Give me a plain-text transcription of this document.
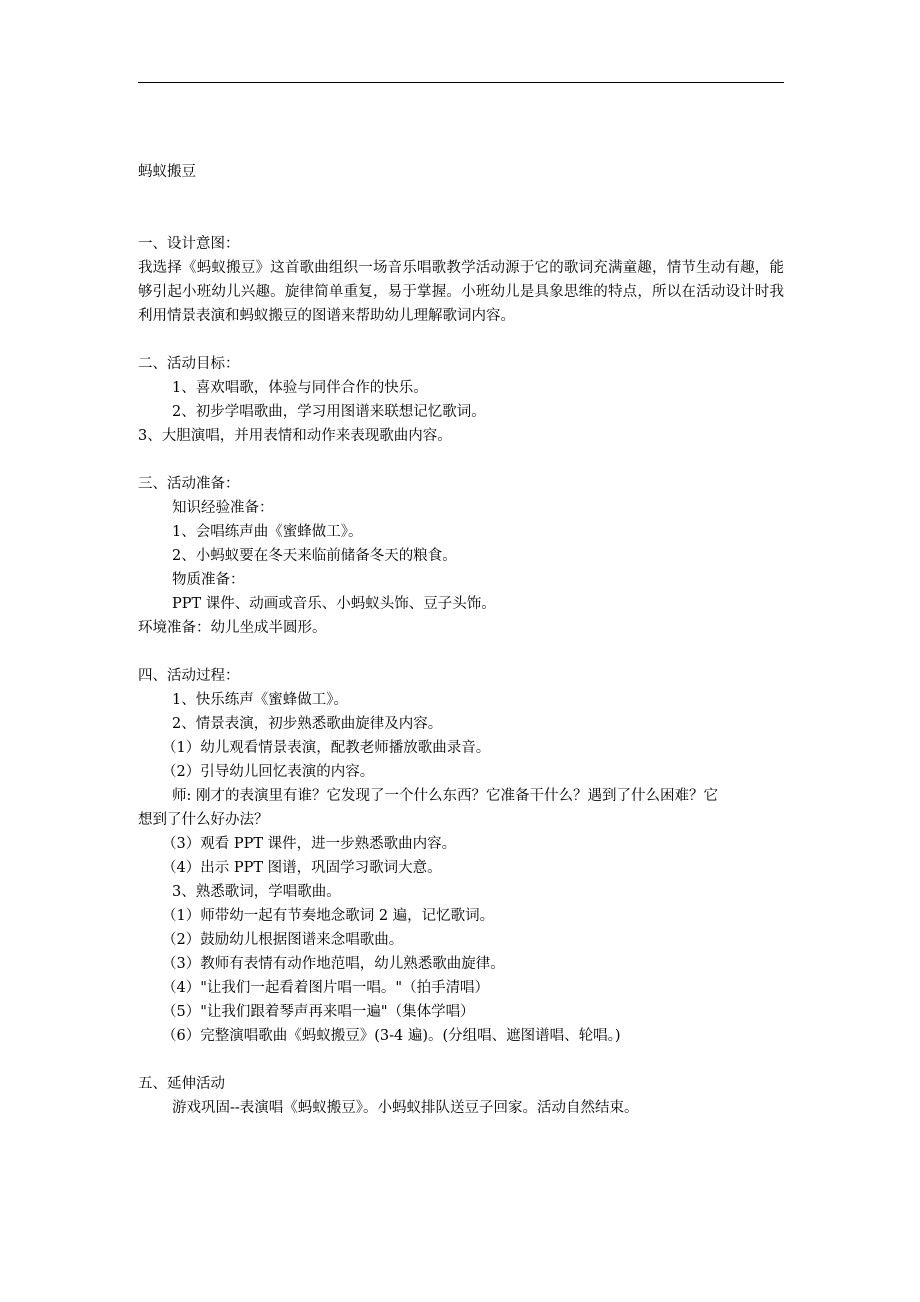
蚂蚁搬豆
一、设计意图：
我选择《蚂蚁搬豆》这首歌曲组织一场音乐唱歌教学活动源于它的歌词充满童趣，情节生动有趣，能够引起小班幼儿兴趣。旋律简单重复，易于掌握。小班幼儿是具象思维的特点，所以在活动设计时我利用情景表演和蚂蚁搬豆的图谱来帮助幼儿理解歌词内容。
二、活动目标：
1、喜欢唱歌，体验与同伴合作的快乐。
2、初步学唱歌曲，学习用图谱来联想记忆歌词。
3、大胆演唱，并用表情和动作来表现歌曲内容。
三、活动准备：
知识经验准备：
1、会唱练声曲《蜜蜂做工》。
2、小蚂蚁要在冬天来临前储备冬天的粮食。
物质准备：
PPT 课件、动画或音乐、小蚂蚁头饰、豆子头饰。
环境准备：幼儿坐成半圆形。
四、活动过程：
1、快乐练声《蜜蜂做工》。
2、情景表演，初步熟悉歌曲旋律及内容。
（1）幼儿观看情景表演，配教老师播放歌曲录音。
（2）引导幼儿回忆表演的内容。
师: 刚才的表演里有谁？它发现了一个什么东西？它准备干什么？遇到了什么困难？它
想到了什么好办法？
（3）观看 PPT 课件，进一步熟悉歌曲内容。
（4）出示 PPT 图谱，巩固学习歌词大意。
3、熟悉歌词，学唱歌曲。
（1）师带幼一起有节奏地念歌词 2 遍，记忆歌词。
（2）鼓励幼儿根据图谱来念唱歌曲。
（3）教师有表情有动作地范唱，幼儿熟悉歌曲旋律。
（4）"让我们一起看着图片唱一唱。"（拍手清唱）
（5）"让我们跟着琴声再来唱一遍"（集体学唱）
（6）完整演唱歌曲《蚂蚁搬豆》(3-4 遍)。(分组唱、遮图谱唱、轮唱。)
五、延伸活动
游戏巩固--表演唱《蚂蚁搬豆》。小蚂蚁排队送豆子回家。活动自然结束。
